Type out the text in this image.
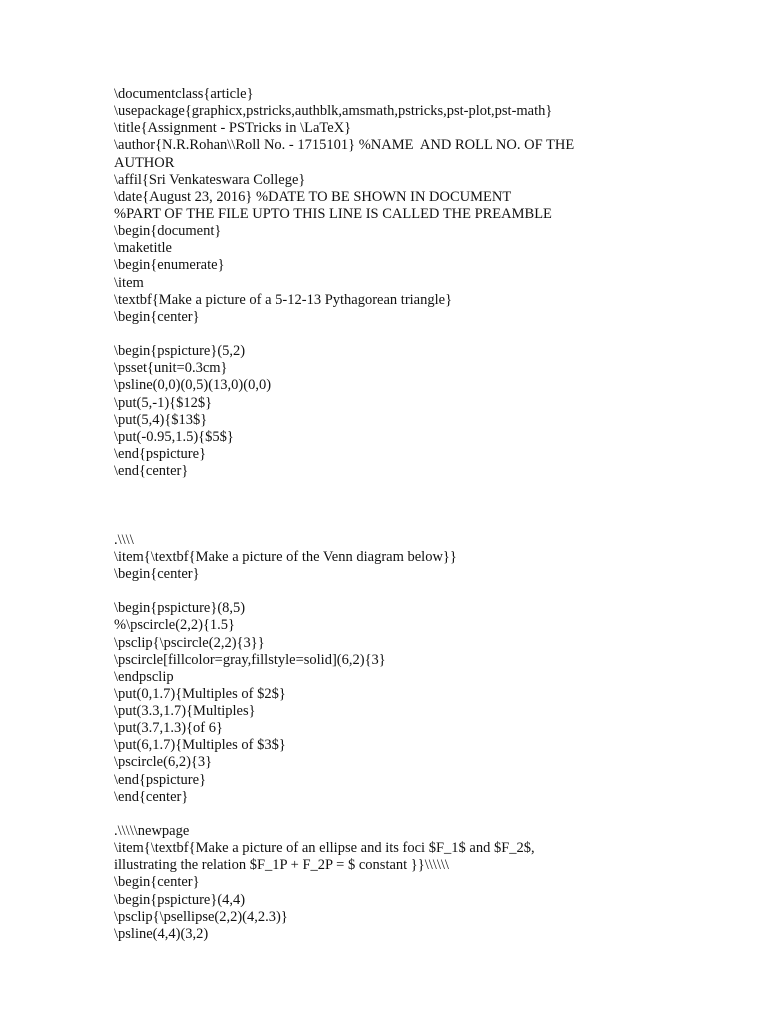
\documentclass{article}
\usepackage{graphicx,pstricks,authblk,amsmath,pstricks,pst-plot,pst-math}
\title{Assignment - PSTricks in \LaTeX}
\author{N.R.Rohan\\Roll No. - 1715101} %NAME  AND ROLL NO. OF THE
AUTHOR
\affil{Sri Venkateswara College}
\date{August 23, 2016} %DATE TO BE SHOWN IN DOCUMENT
%PART OF THE FILE UPTO THIS LINE IS CALLED THE PREAMBLE
\begin{document}
\maketitle
\begin{enumerate}
\item
\textbf{Make a picture of a 5-12-13 Pythagorean triangle}
\begin{center}
\begin{pspicture}(5,2)
\psset{unit=0.3cm}
\psline(0,0)(0,5)(13,0)(0,0)
\put(5,-1){$12$}
\put(5,4){$13$}
\put(-0.95,1.5){$5$}
\end{pspicture}
\end{center}
.\\\\
\item{\textbf{Make a picture of the Venn diagram below}}
\begin{center}
\begin{pspicture}(8,5)
%\pscircle(2,2){1.5}
\psclip{\pscircle(2,2){3}}
\pscircle[fillcolor=gray,fillstyle=solid](6,2){3}
\endpsclip
\put(0,1.7){Multiples of $2$}
\put(3.3,1.7){Multiples}
\put(3.7,1.3){of 6}
\put(6,1.7){Multiples of $3$}
\pscircle(6,2){3}
\end{pspicture}
\end{center}
.\\\\\newpage
\item{\textbf{Make a picture of an ellipse and its foci $F_1$ and $F_2$,
illustrating the relation $F_1P + F_2P = $ constant }}\\\\\\
\begin{center}
\begin{pspicture}(4,4)
\psclip{\psellipse(2,2)(4,2.3)}
\psline(4,4)(3,2)
